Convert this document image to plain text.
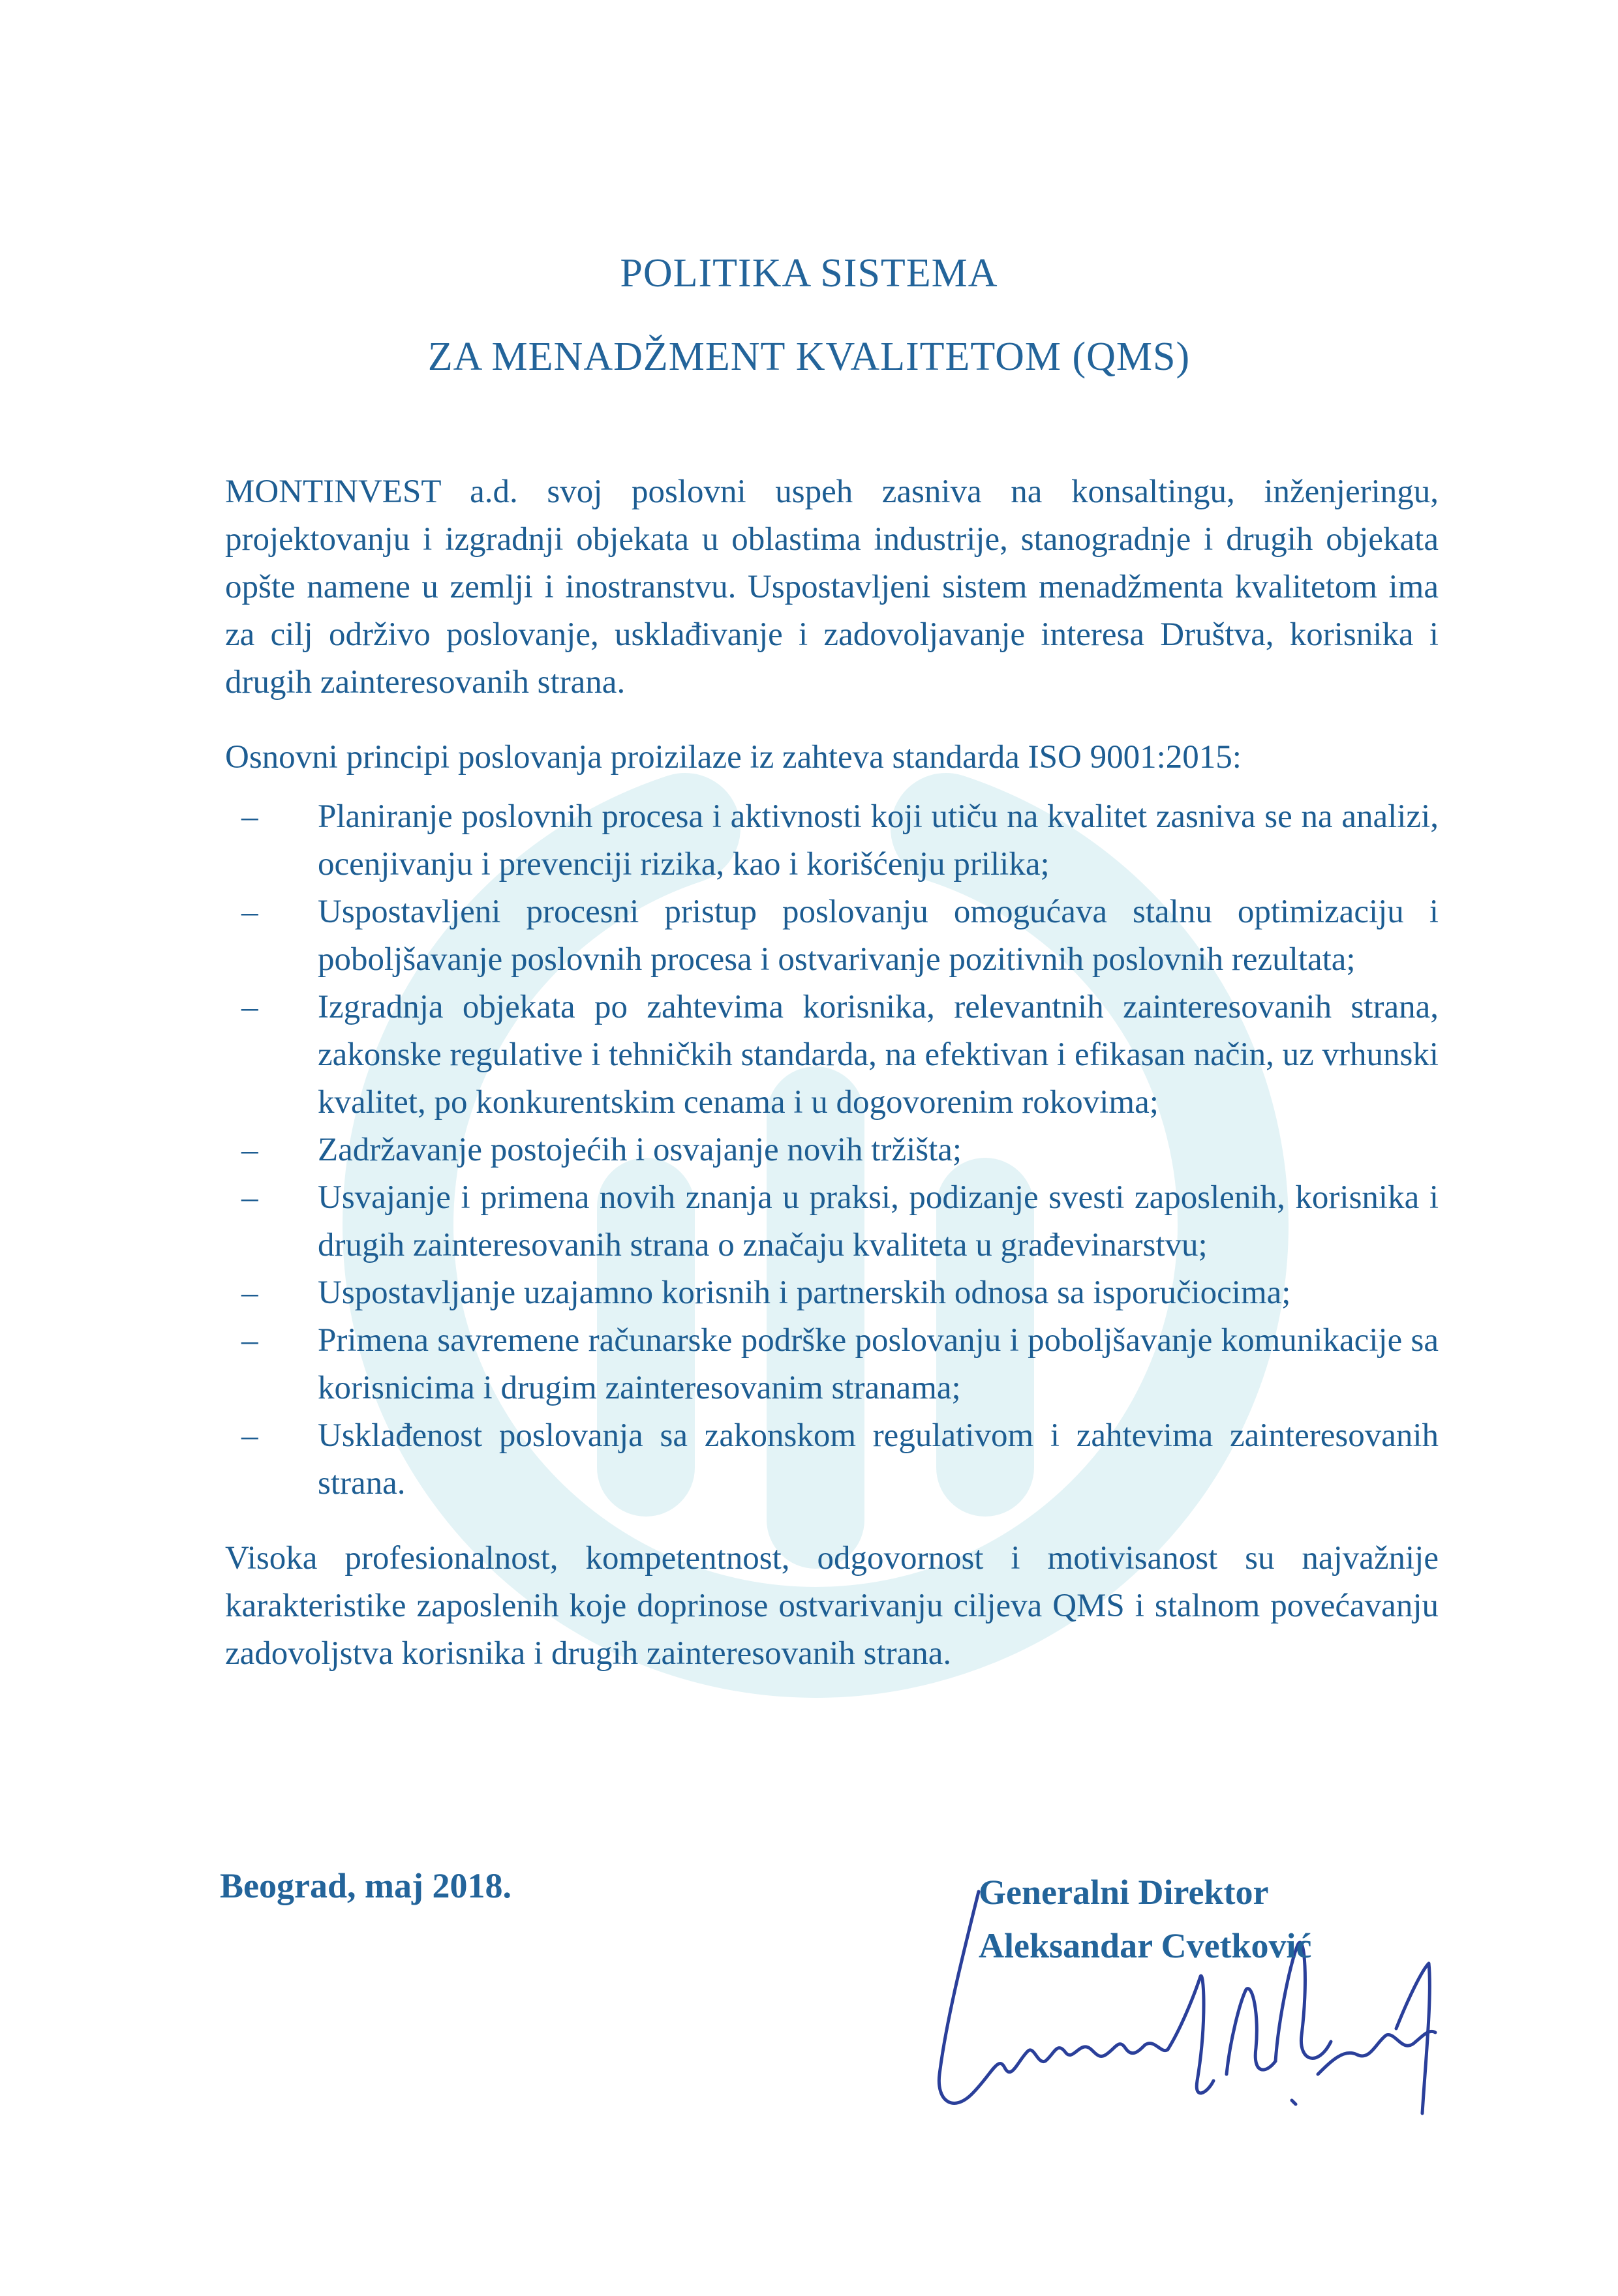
POLITIKA SISTEMA
ZA MENADŽMENT KVALITETOM (QMS)

MONTINVEST a.d. svoj poslovni uspeh zasniva na konsaltingu, inženjeringu, projektovanju i izgradnji objekata u oblastima industrije, stanogradnje i drugih objekata opšte namene u zemlji i inostranstvu. Uspostavljeni sistem menadžmenta kvalitetom ima za cilj održivo poslovanje, usklađivanje i zadovoljavanje interesa Društva, korisnika i drugih zainteresovanih strana.

Osnovni principi poslovanja proizilaze iz zahteva standarda ISO 9001:2015:

– Planiranje poslovnih procesa i aktivnosti koji utiču na kvalitet zasniva se na analizi, ocenjivanju i prevenciji rizika, kao i korišćenju prilika;
– Uspostavljeni procesni pristup poslovanju omogućava stalnu optimizaciju i poboljšavanje poslovnih procesa i ostvarivanje pozitivnih poslovnih rezultata;
– Izgradnja objekata po zahtevima korisnika, relevantnih zainteresovanih strana, zakonske regulative i tehničkih standarda, na efektivan i efikasan način, uz vrhunski kvalitet, po konkurentskim cenama i u dogovorenim rokovima;
– Zadržavanje postojećih i osvajanje novih tržišta;
– Usvajanje i primena novih znanja u praksi, podizanje svesti zaposlenih, korisnika i drugih zainteresovanih strana o značaju kvaliteta u građevinarstvu;
– Uspostavljanje uzajamno korisnih i partnerskih odnosa sa isporučiocima;
– Primena savremene računarske podrške poslovanju i poboljšavanje komunikacije sa korisnicima i drugim zainteresovanim stranama;
– Usklađenost poslovanja sa zakonskom regulativom i zahtevima zainteresovanih strana.

Visoka profesionalnost, kompetentnost, odgovornost i motivisanost su najvažnije karakteristike zaposlenih koje doprinose ostvarivanju ciljeva QMS i stalnom povećavanju zadovoljstva korisnika i drugih zainteresovanih strana.

Beograd, maj 2018.	Generalni Direktor
Aleksandar Cvetković
